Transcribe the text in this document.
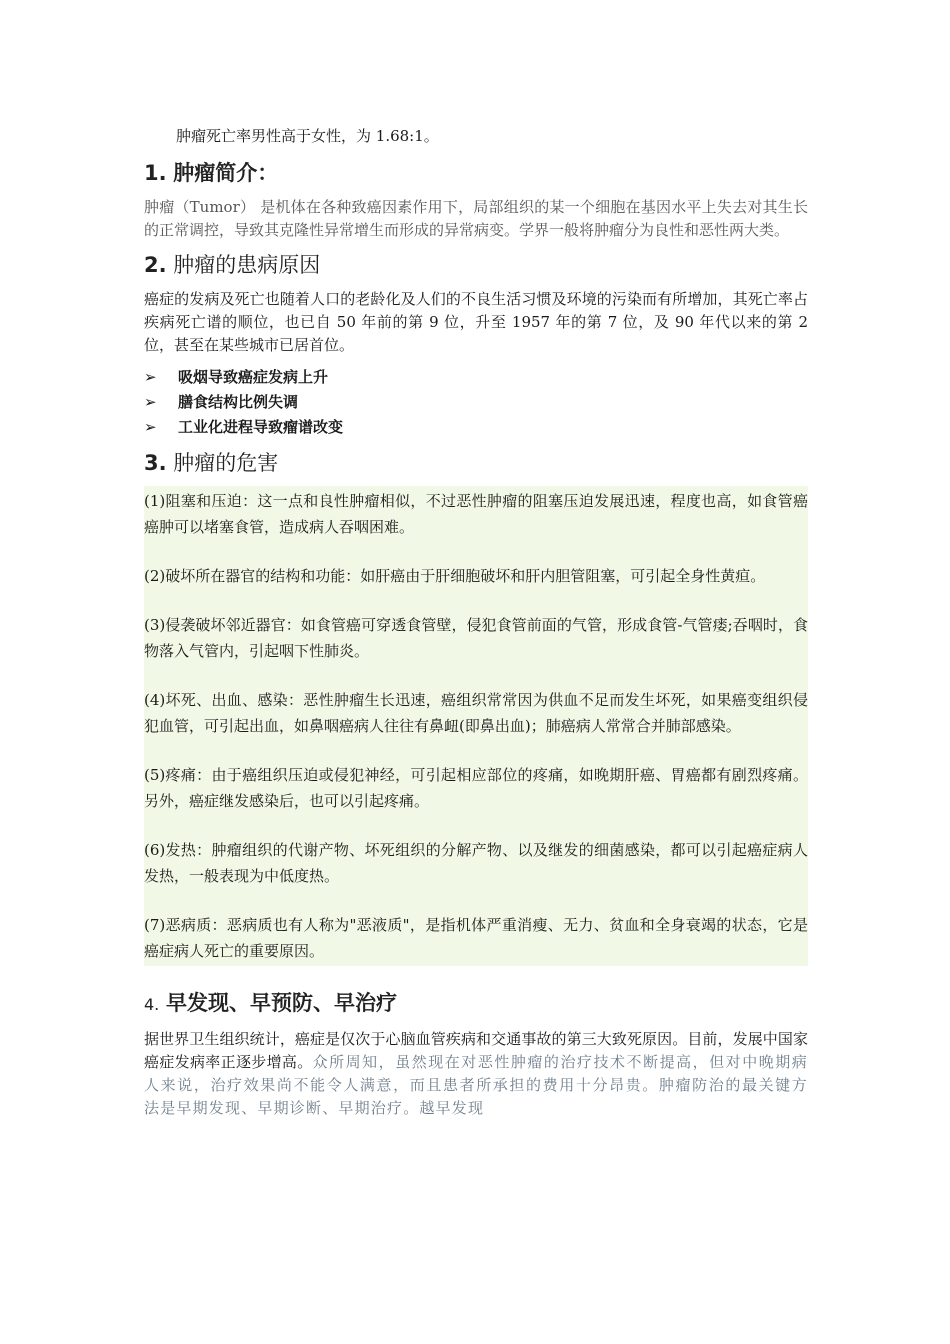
肿瘤死亡率男性高于女性，为 1.68:1。

1. 肿瘤简介：

肿瘤（Tumor） 是机体在各种致癌因素作用下，局部组织的某一个细胞在基因水平上失去对其生长的正常调控，导致其克隆性异常增生而形成的异常病变。学界一般将肿瘤分为良性和恶性两大类。

2. 肿瘤的患病原因

癌症的发病及死亡也随着人口的老龄化及人们的不良生活习惯及环境的污染而有所增加，其死亡率占疾病死亡谱的顺位，也已自 50 年前的第 9 位，升至 1957 年的第 7 位，及 90 年代以来的第 2 位，甚至在某些城市已居首位。

➢	吸烟导致癌症发病上升
➢	膳食结构比例失调
➢	工业化进程导致瘤谱改变
3. 肿瘤的危害

(1)阻塞和压迫：这一点和良性肿瘤相似，不过恶性肿瘤的阻塞压迫发展迅速，程度也高，如食管癌癌肿可以堵塞食管，造成病人吞咽困难。

(2)破坏所在器官的结构和功能：如肝癌由于肝细胞破坏和肝内胆管阻塞，可引起全身性黄疸。

(3)侵袭破坏邻近器官：如食管癌可穿透食管壁，侵犯食管前面的气管，形成食管-气管瘘;吞咽时，食物落入气管内，引起咽下性肺炎。

(4)坏死、出血、感染：恶性肿瘤生长迅速，癌组织常常因为供血不足而发生坏死，如果癌变组织侵犯血管，可引起出血，如鼻咽癌病人往往有鼻衄(即鼻出血)；肺癌病人常常合并肺部感染。

(5)疼痛：由于癌组织压迫或侵犯神经，可引起相应部位的疼痛，如晚期肝癌、胃癌都有剧烈疼痛。另外，癌症继发感染后，也可以引起疼痛。

(6)发热：肿瘤组织的代谢产物、坏死组织的分解产物、以及继发的细菌感染，都可以引起癌症病人发热，一般表现为中低度热。

(7)恶病质：恶病质也有人称为"恶液质"，是指机体严重消瘦、无力、贫血和全身衰竭的状态，它是癌症病人死亡的重要原因。

4. 早发现、早预防、早治疗

据世界卫生组织统计，癌症是仅次于心脑血管疾病和交通事故的第三大致死原因。目前，发展中国家癌症发病率正逐步增高。众所周知，虽然现在对恶性肿瘤的治疗技术不断提高，但对中晚期病人来说，治疗效果尚不能令人满意，而且患者所承担的费用十分昂贵。肿瘤防治的最关键方法是早期发现、早期诊断、早期治疗。越早发现
